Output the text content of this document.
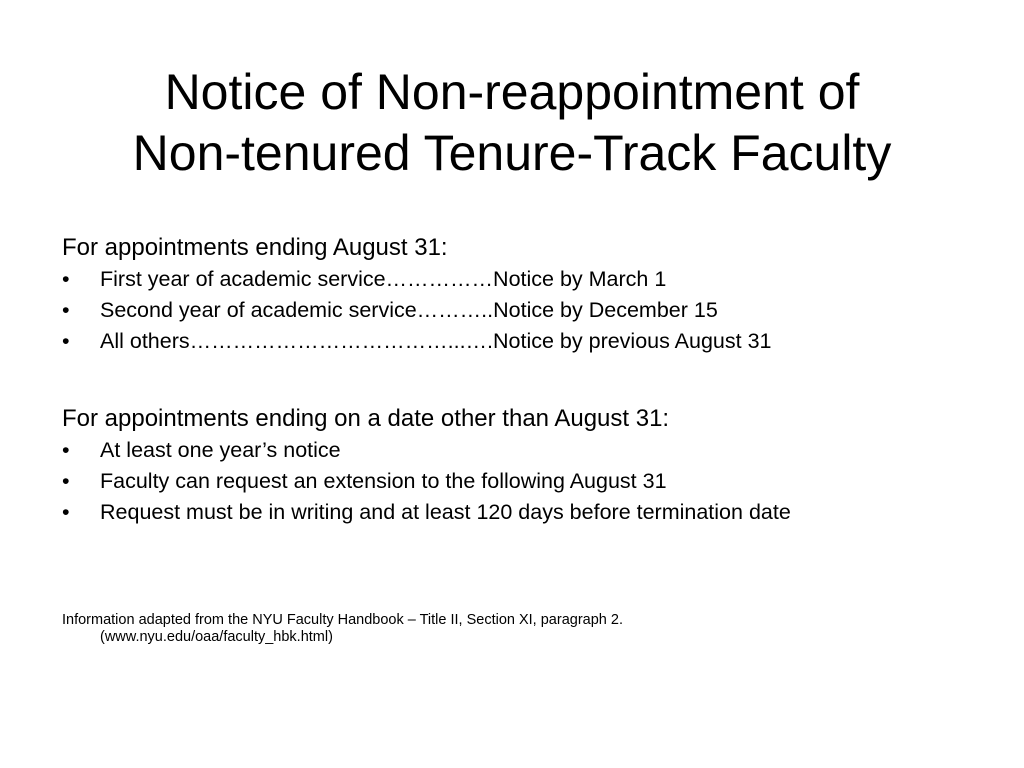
Notice of Non-reappointment of
Non-tenured Tenure-Track Faculty
For appointments ending August 31:
• First year of academic service……………Notice by March 1
• Second year of academic service………..Notice by December 15
• All others………………………………...….Notice by previous August 31
For appointments ending on a date other than August 31:
• At least one year’s notice
• Faculty can request an extension to the following August 31
• Request must be in writing and at least 120 days before termination date
Information adapted from the NYU Faculty Handbook – Title II, Section XI, paragraph 2.
(www.nyu.edu/oaa/faculty_hbk.html)
